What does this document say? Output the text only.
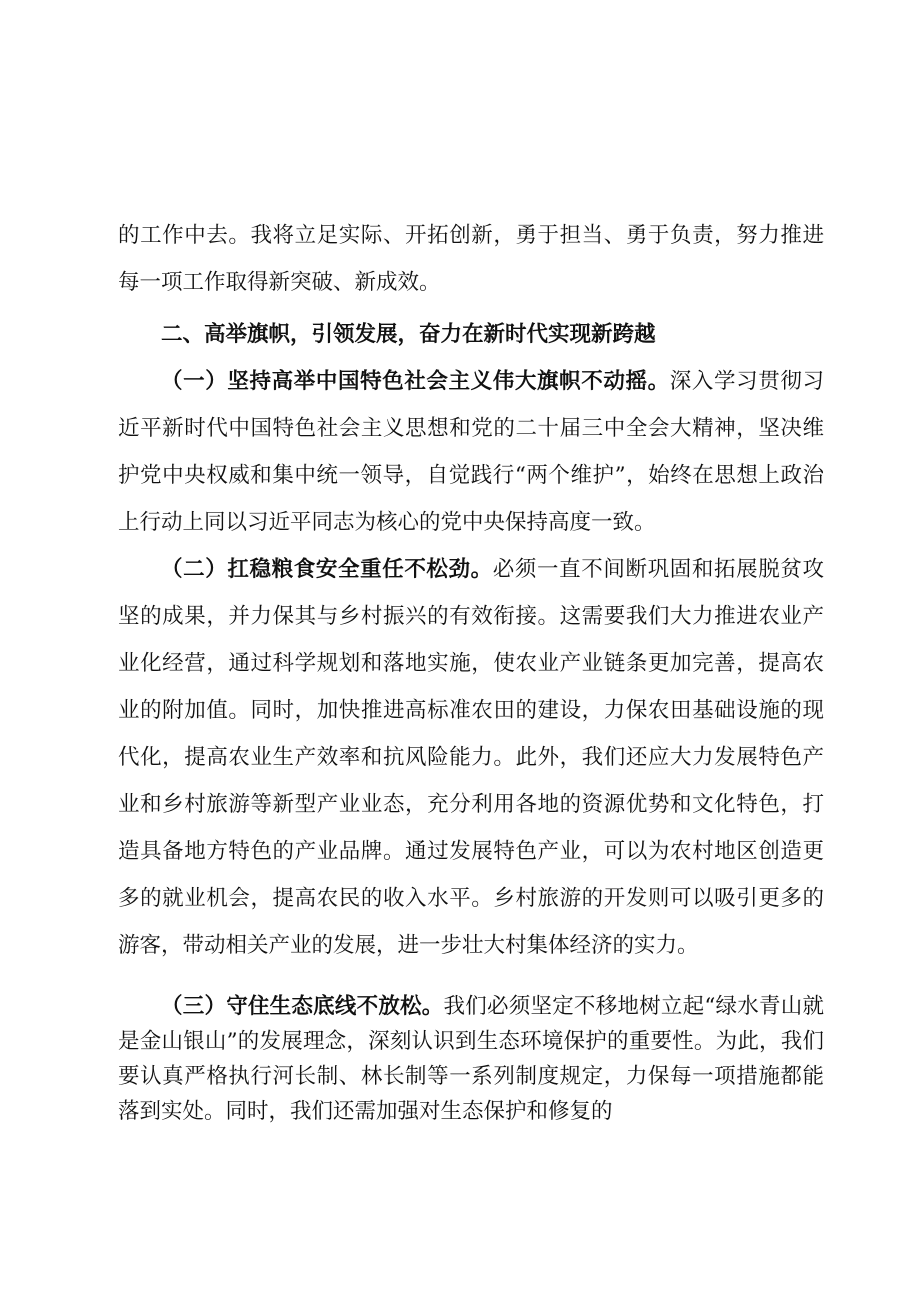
的工作中去。我将立足实际、开拓创新，勇于担当、勇于负责，努力推进每一项工作取得新突破、新成效。

二、高举旗帜，引领发展，奋力在新时代实现新跨越

（一）坚持高举中国特色社会主义伟大旗帜不动摇。深入学习贯彻习近平新时代中国特色社会主义思想和党的二十届三中全会大精神，坚决维护党中央权威和集中统一领导，自觉践行“两个维护”，始终在思想上政治上行动上同以习近平同志为核心的党中央保持高度一致。

（二）扛稳粮食安全重任不松劲。必须一直不间断巩固和拓展脱贫攻坚的成果，并力保其与乡村振兴的有效衔接。这需要我们大力推进农业产业化经营，通过科学规划和落地实施，使农业产业链条更加完善，提高农业的附加值。同时，加快推进高标准农田的建设，力保农田基础设施的现代化，提高农业生产效率和抗风险能力。此外，我们还应大力发展特色产业和乡村旅游等新型产业业态，充分利用各地的资源优势和文化特色，打造具备地方特色的产业品牌。通过发展特色产业，可以为农村地区创造更多的就业机会，提高农民的收入水平。乡村旅游的开发则可以吸引更多的游客，带动相关产业的发展，进一步壮大村集体经济的实力。

（三）守住生态底线不放松。我们必须坚定不移地树立起“绿水青山就是金山银山”的发展理念，深刻认识到生态环境保护的重要性。为此，我们要认真严格执行河长制、林长制等一系列制度规定，力保每一项措施都能落到实处。同时，我们还需加强对生态保护和修复的
